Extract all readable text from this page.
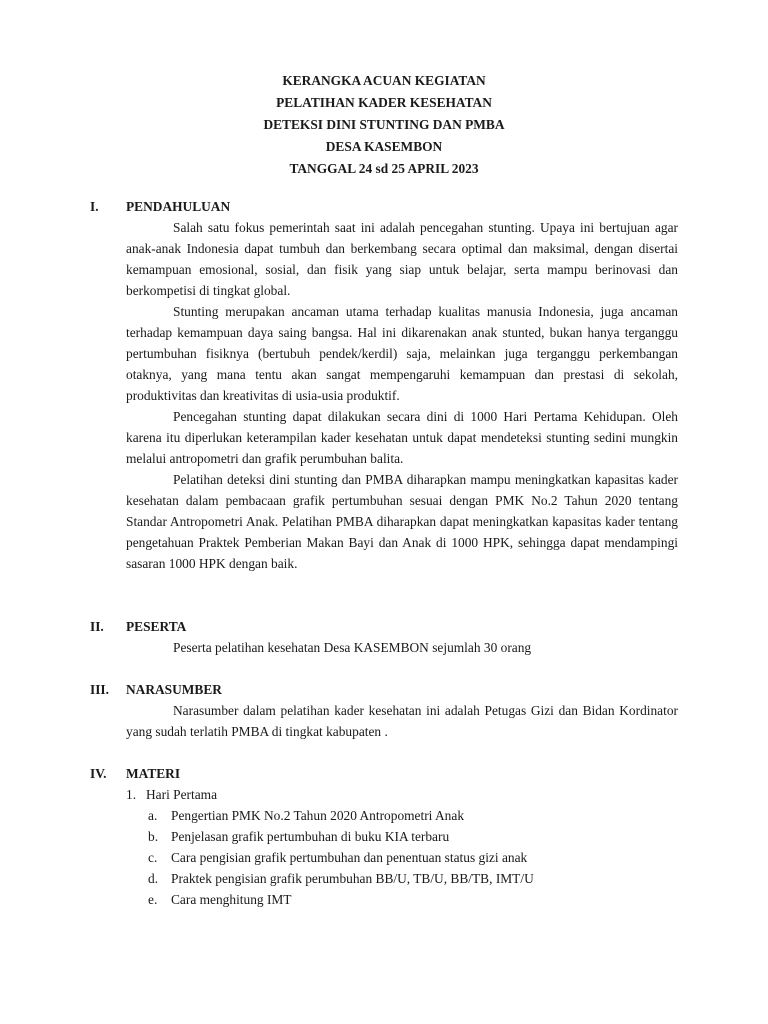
KERANGKA ACUAN KEGIATAN
PELATIHAN KADER KESEHATAN
DETEKSI DINI STUNTING DAN PMBA
DESA KASEMBON
TANGGAL 24 sd 25 APRIL 2023
I. PENDAHULUAN
Salah satu fokus pemerintah saat ini adalah pencegahan stunting. Upaya ini bertujuan agar anak-anak Indonesia dapat tumbuh dan berkembang secara optimal dan maksimal, dengan disertai kemampuan emosional, sosial, dan fisik yang siap untuk belajar, serta mampu berinovasi dan berkompetisi di tingkat global.
Stunting merupakan ancaman utama terhadap kualitas manusia Indonesia, juga ancaman terhadap kemampuan daya saing bangsa. Hal ini dikarenakan anak stunted, bukan hanya terganggu pertumbuhan fisiknya (bertubuh pendek/kerdil) saja, melainkan juga terganggu perkembangan otaknya, yang mana tentu akan sangat mempengaruhi kemampuan dan prestasi di sekolah, produktivitas dan kreativitas di usia-usia produktif.
Pencegahan stunting dapat dilakukan secara dini di 1000 Hari Pertama Kehidupan. Oleh karena itu diperlukan keterampilan kader kesehatan untuk dapat mendeteksi stunting sedini mungkin melalui antropometri dan grafik perumbuhan balita.
Pelatihan deteksi dini stunting dan PMBA diharapkan mampu meningkatkan kapasitas kader kesehatan dalam pembacaan grafik pertumbuhan sesuai dengan PMK No.2 Tahun 2020 tentang Standar Antropometri Anak. Pelatihan PMBA diharapkan dapat meningkatkan kapasitas kader tentang pengetahuan Praktek Pemberian Makan Bayi dan Anak di 1000 HPK, sehingga dapat mendampingi sasaran 1000 HPK dengan baik.
II. PESERTA
Peserta pelatihan kesehatan Desa KASEMBON sejumlah 30 orang
III. NARASUMBER
Narasumber dalam pelatihan kader kesehatan ini adalah Petugas Gizi dan Bidan Kordinator yang sudah terlatih PMBA di tingkat kabupaten .
IV. MATERI
1. Hari Pertama
a. Pengertian PMK No.2 Tahun 2020 Antropometri Anak
b. Penjelasan grafik pertumbuhan di buku KIA terbaru
c. Cara pengisian grafik pertumbuhan dan penentuan status gizi anak
d. Praktek pengisian grafik perumbuhan BB/U, TB/U, BB/TB, IMT/U
e. Cara menghitung IMT
